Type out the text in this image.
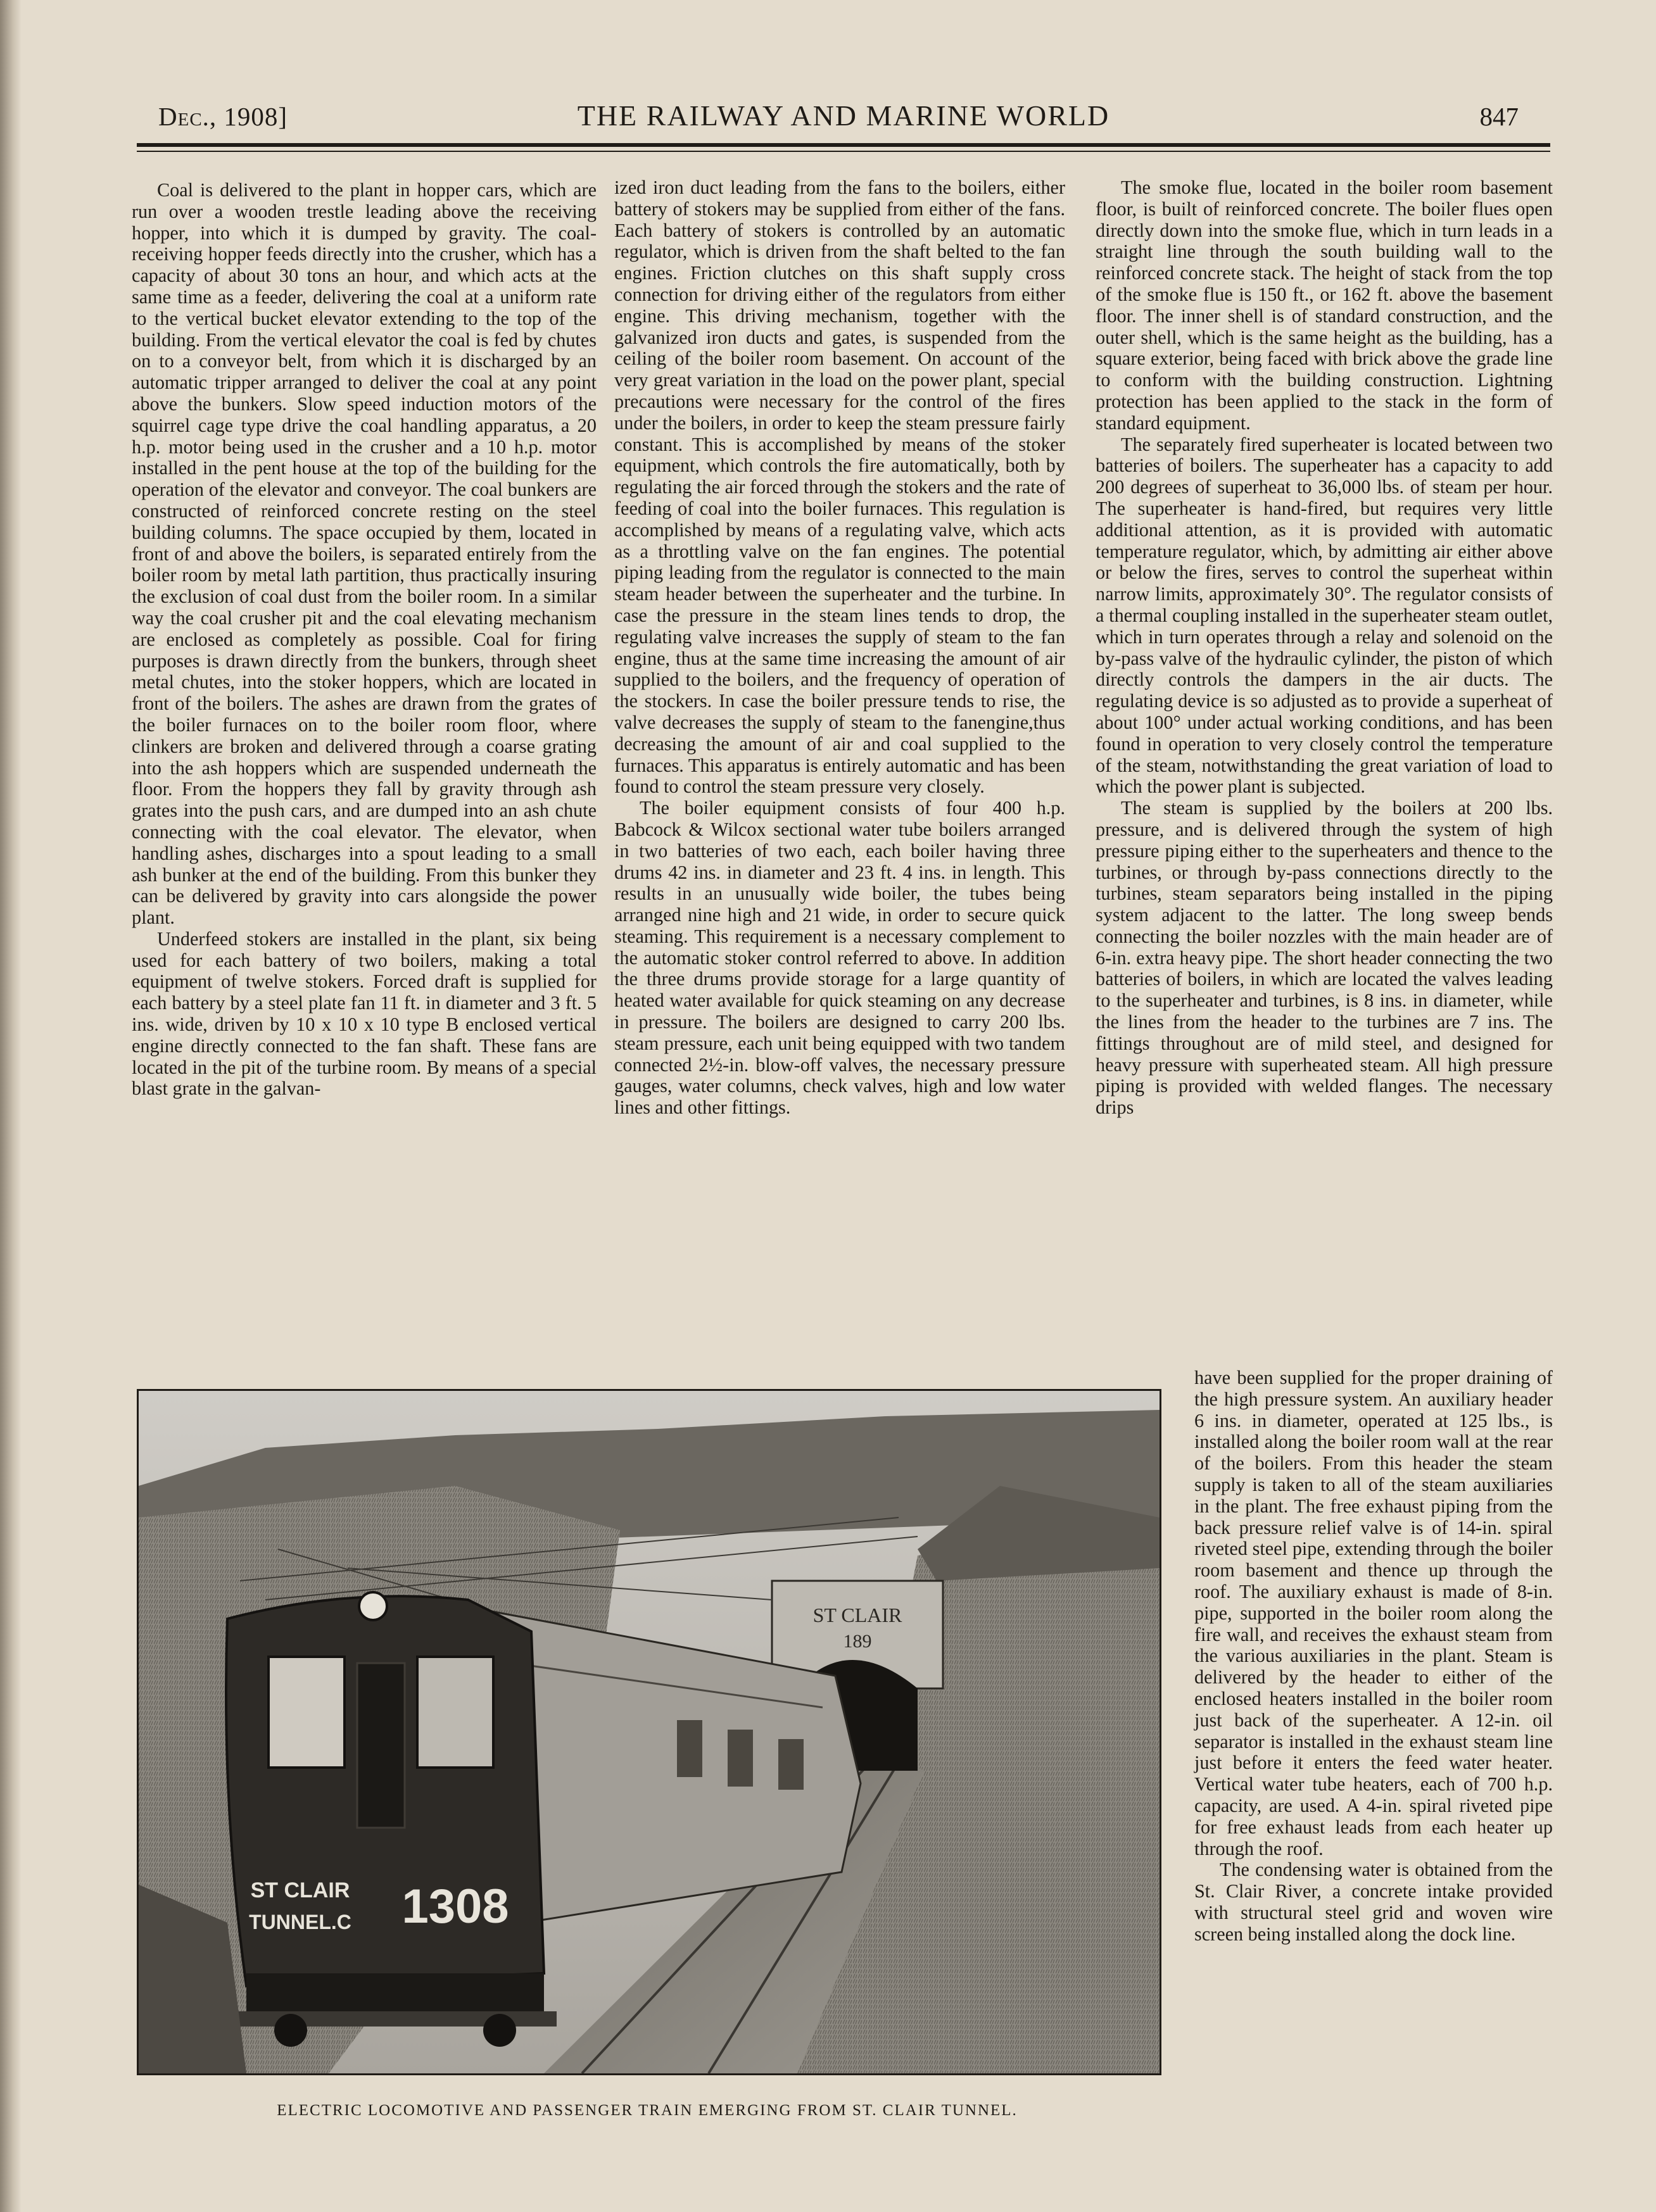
Dec., 1908]	THE RAILWAY AND MARINE WORLD	847

Coal is delivered to the plant in hopper cars, which are run over a wooden trestle leading above the receiving hopper, into which it is dumped by gravity. The coal-receiving hopper feeds directly into the crusher, which has a capacity of about 30 tons an hour, and which acts at the same time as a feeder, delivering the coal at a uniform rate to the vertical bucket elevator extending to the top of the building. From the vertical elevator the coal is fed by chutes on to a conveyor belt, from which it is discharged by an automatic tripper arranged to deliver the coal at any point above the bunkers. Slow speed induction motors of the squirrel cage type drive the coal handling apparatus, a 20 h.p. motor being used in the crusher and a 10 h.p. motor installed in the pent house at the top of the building for the operation of the elevator and conveyor. The coal bunkers are constructed of reinforced concrete resting on the steel building columns. The space occupied by them, located in front of and above the boilers, is separated entirely from the boiler room by metal lath partition, thus practically insuring the exclusion of coal dust from the boiler room. In a similar way the coal crusher pit and the coal elevating mechanism are enclosed as completely as possible. Coal for firing purposes is drawn directly from the bunkers, through sheet metal chutes, into the stoker hoppers, which are located in front of the boilers. The ashes are drawn from the grates of the boiler furnaces on to the boiler room floor, where clinkers are broken and delivered through a coarse grating into the ash hoppers which are suspended underneath the floor. From the hoppers they fall by gravity through ash grates into the push cars, and are dumped into an ash chute connecting with the coal elevator. The elevator, when handling ashes, discharges into a spout leading to a small ash bunker at the end of the building. From this bunker they can be delivered by gravity into cars alongside the power plant.

Underfeed stokers are installed in the plant, six being used for each battery of two boilers, making a total equipment of twelve stokers. Forced draft is supplied for each battery by a steel plate fan 11 ft. in diameter and 3 ft. 5 ins. wide, driven by 10 x 10 x 10 type B enclosed vertical engine directly connected to the fan shaft. These fans are located in the pit of the turbine room. By means of a special blast grate in the galvan-

ized iron duct leading from the fans to the boilers, either battery of stokers may be supplied from either of the fans. Each battery of stokers is controlled by an automatic regulator, which is driven from the shaft belted to the fan engines. Friction clutches on this shaft supply cross connection for driving either of the regulators from either engine. This driving mechanism, together with the galvanized iron ducts and gates, is suspended from the ceiling of the boiler room basement. On account of the very great variation in the load on the power plant, special precautions were necessary for the control of the fires under the boilers, in order to keep the steam pressure fairly constant. This is accomplished by means of the stoker equipment, which controls the fire automatically, both by regulating the air forced through the stokers and the rate of feeding of coal into the boiler furnaces. This regulation is accomplished by means of a regulating valve, which acts as a throttling valve on the fan engines. The potential piping leading from the regulator is connected to the main steam header between the superheater and the turbine. In case the pressure in the steam lines tends to drop, the regulating valve increases the supply of steam to the fan engine, thus at the same time increasing the amount of air supplied to the boilers, and the frequency of operation of the stockers. In case the boiler pressure tends to rise, the valve decreases the supply of steam to the fanengine,thus decreasing the amount of air and coal supplied to the furnaces. This apparatus is entirely automatic and has been found to control the steam pressure very closely.

The boiler equipment consists of four 400 h.p. Babcock & Wilcox sectional water tube boilers arranged in two batteries of two each, each boiler having three drums 42 ins. in diameter and 23 ft. 4 ins. in length. This results in an unusually wide boiler, the tubes being arranged nine high and 21 wide, in order to secure quick steaming. This requirement is a necessary complement to the automatic stoker control referred to above. In addition the three drums provide storage for a large quantity of heated water available for quick steaming on any decrease in pressure. The boilers are designed to carry 200 lbs. steam pressure, each unit being equipped with two tandem connected 2½-in. blow-off valves, the necessary pressure gauges, water columns, check valves, high and low water lines and other fittings.

The smoke flue, located in the boiler room basement floor, is built of reinforced concrete. The boiler flues open directly down into the smoke flue, which in turn leads in a straight line through the south building wall to the reinforced concrete stack. The height of stack from the top of the smoke flue is 150 ft., or 162 ft. above the basement floor. The inner shell is of standard construction, and the outer shell, which is the same height as the building, has a square exterior, being faced with brick above the grade line to conform with the building construction. Lightning protection has been applied to the stack in the form of standard equipment.

The separately fired superheater is located between two batteries of boilers. The superheater has a capacity to add 200 degrees of superheat to 36,000 lbs. of steam per hour. The superheater is hand-fired, but requires very little additional attention, as it is provided with automatic temperature regulator, which, by admitting air either above or below the fires, serves to control the superheat within narrow limits, approximately 30°. The regulator consists of a thermal coupling installed in the superheater steam outlet, which in turn operates through a relay and solenoid on the by-pass valve of the hydraulic cylinder, the piston of which directly controls the dampers in the air ducts. The regulating device is so adjusted as to provide a superheat of about 100° under actual working conditions, and has been found in operation to very closely control the temperature of the steam, notwithstanding the great variation of load to which the power plant is subjected.

The steam is supplied by the boilers at 200 lbs. pressure, and is delivered through the system of high pressure piping either to the superheaters and thence to the turbines, or through by-pass connections directly to the turbines, steam separators being installed in the piping system adjacent to the latter. The long sweep bends connecting the boiler nozzles with the main header are of 6-in. extra heavy pipe. The short header connecting the two batteries of boilers, in which are located the valves leading to the superheater and turbines, is 8 ins. in diameter, while the lines from the header to the turbines are 7 ins. The fittings throughout are of mild steel, and designed for heavy pressure with superheated steam. All high pressure piping is provided with welded flanges. The necessary drips

have been supplied for the proper draining of the high pressure system. An auxiliary header 6 ins. in diameter, operated at 125 lbs., is installed along the boiler room wall at the rear of the boilers. From this header the steam supply is taken to all of the steam auxiliaries in the plant. The free exhaust piping from the back pressure relief valve is of 14-in. spiral riveted steel pipe, extending through the boiler room basement and thence up through the roof. The auxiliary exhaust is made of 8-in. pipe, supported in the boiler room along the fire wall, and receives the exhaust steam from the various auxiliaries in the plant. Steam is delivered by the header to either of the enclosed heaters installed in the boiler room just back of the superheater. A 12-in. oil separator is installed in the exhaust steam line just before it enters the feed water heater. Vertical water tube heaters, each of 700 h.p. capacity, are used. A 4-in. spiral riveted pipe for free exhaust leads from each heater up through the roof.

The condensing water is obtained from the St. Clair River, a concrete intake provided with structural steel grid and woven wire screen being installed along the dock line.

ST CLAIR
189
ST CLAIR
TUNNEL.C 1308
ELECTRIC LOCOMOTIVE AND PASSENGER TRAIN EMERGING FROM ST. CLAIR TUNNEL.
